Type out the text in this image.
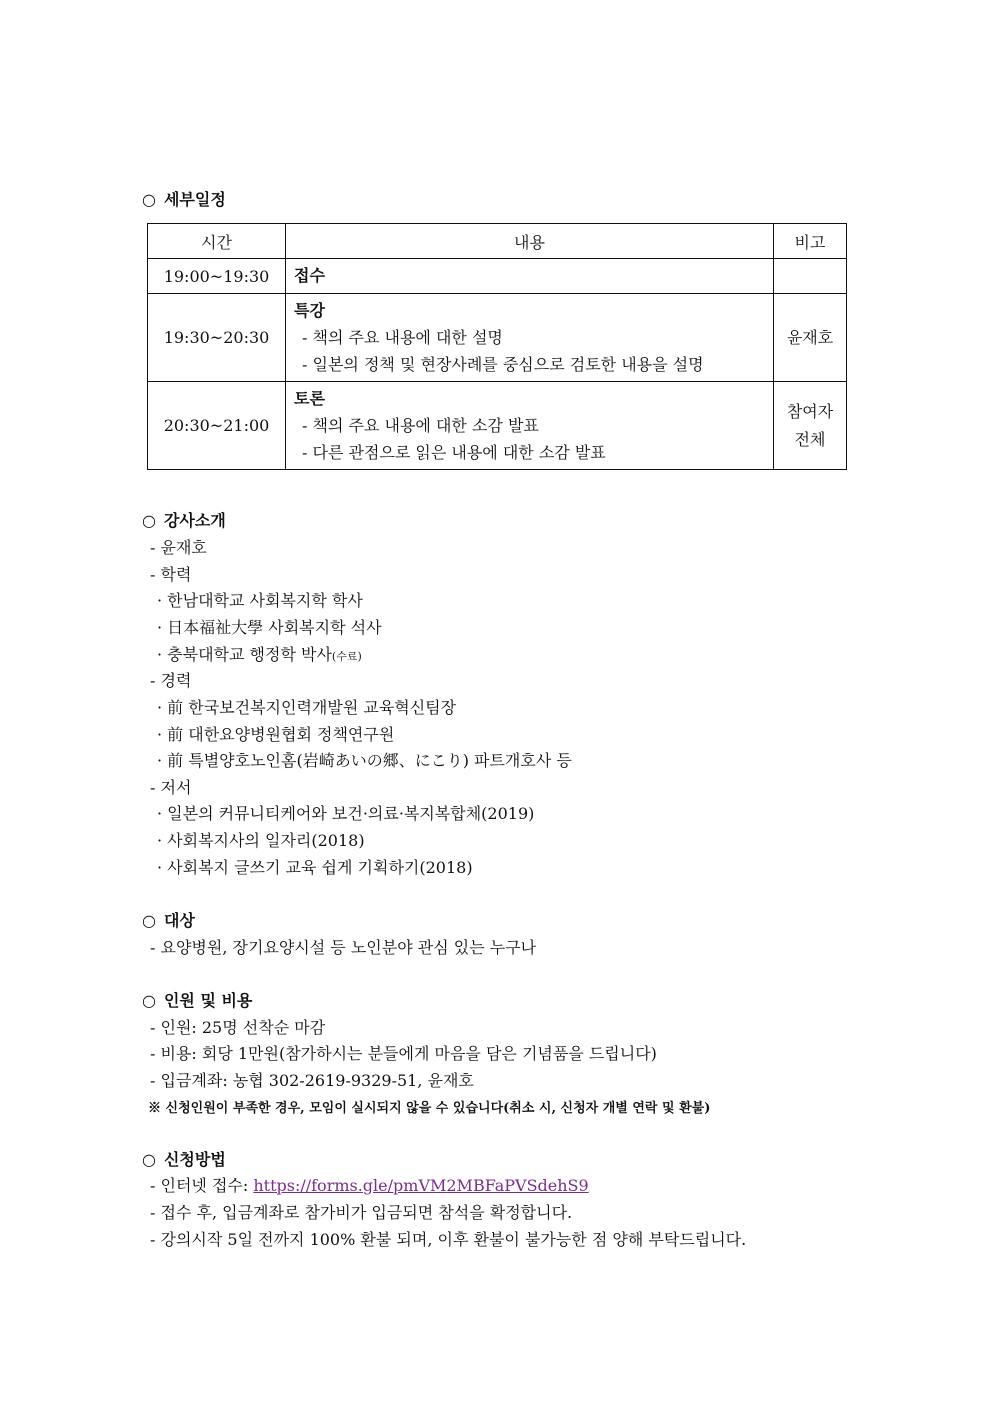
○ 세부일정
시간	내용	비고
19:00~19:30	접수	

19:30~20:30	특강
- 책의 주요 내용에 대한 설명
- 일본의 정책 및 현장사례를 중심으로 검토한 내용을 설명	윤재호

20:30~21:00	토론
- 책의 주요 내용에 대한 소감 발표
- 다른 관점으로 읽은 내용에 대한 소감 발표	참여자
전체
○ 강사소개
- 윤재호
- 학력
· 한남대학교 사회복지학 학사
· 日本福祉大學 사회복지학 석사
· 충북대학교 행정학 박사(수료)
- 경력
· 前 한국보건복지인력개발원 교육혁신팀장
· 前 대한요양병원협회 정책연구원
· 前 특별양호노인홈(岩崎あいの郷、にこり) 파트개호사 등
- 저서
· 일본의 커뮤니티케어와 보건·의료·복지복합체(2019)
· 사회복지사의 일자리(2018)
· 사회복지 글쓰기 교육 쉽게 기획하기(2018)
○ 대상
- 요양병원, 장기요양시설 등 노인분야 관심 있는 누구나
○ 인원 및 비용
- 인원: 25명 선착순 마감
- 비용: 회당 1만원(참가하시는 분들에게 마음을 담은 기념품을 드립니다)
- 입금계좌: 농협 302-2619-9329-51, 윤재호
※ 신청인원이 부족한 경우, 모임이 실시되지 않을 수 있습니다(취소 시, 신청자 개별 연락 및 환불)
○ 신청방법
- 인터넷 접수: https://forms.gle/pmVM2MBFaPVSdehS9
- 접수 후, 입금계좌로 참가비가 입금되면 참석을 확정합니다.
- 강의시작 5일 전까지 100% 환불 되며, 이후 환불이 불가능한 점 양해 부탁드립니다.
